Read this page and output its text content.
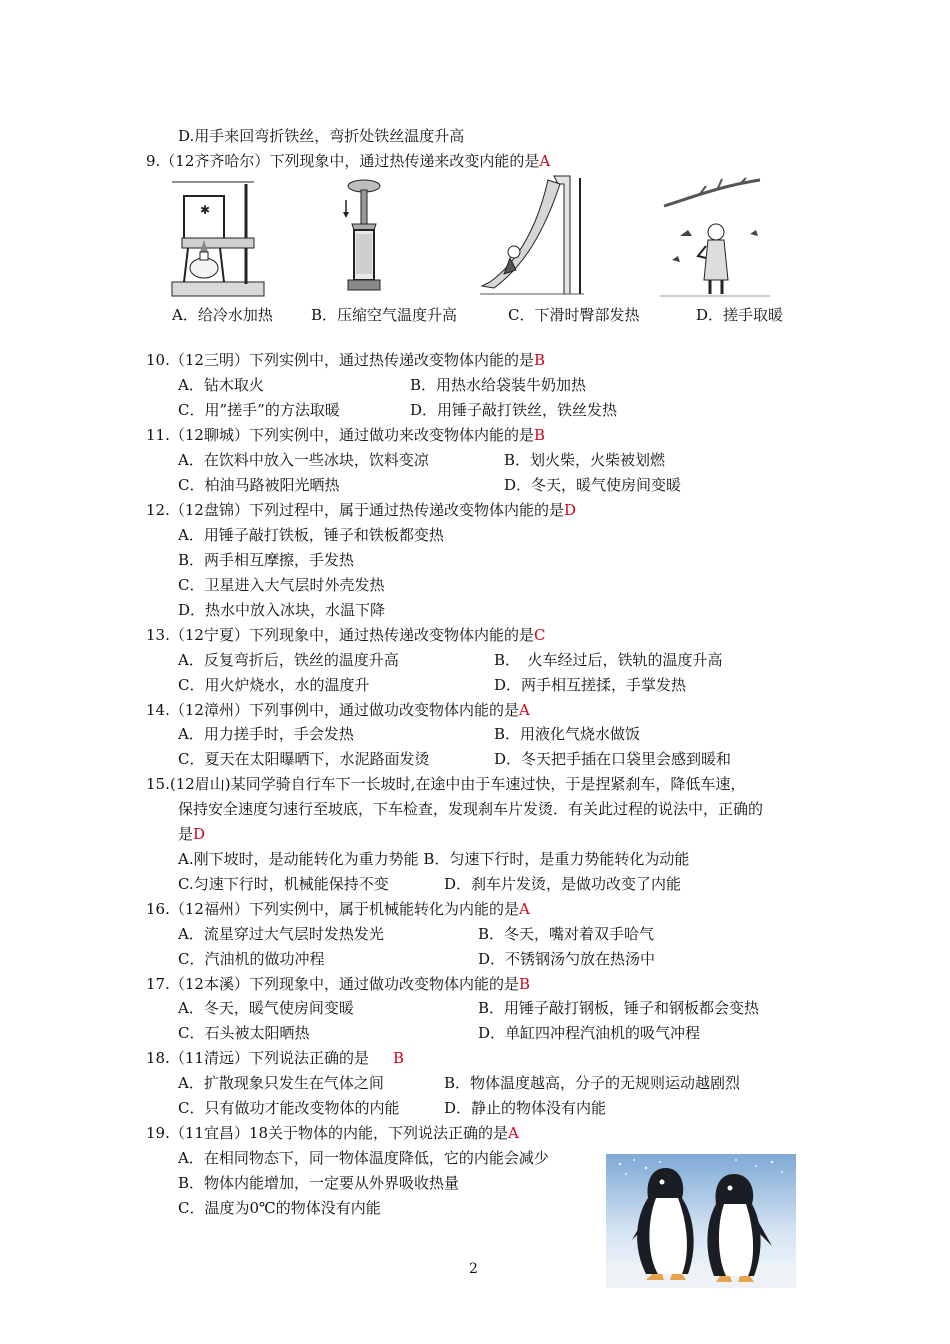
D.用手来回弯折铁丝，弯折处铁丝温度升高
9.（12齐齐哈尔）下列现象中，通过热传递来改变内能的是A
✱
A．给冷水加热	B．压缩空气温度升高	C．下滑时臀部发热	D．搓手取暖
10.（12三明）下列实例中，通过热传递改变物体内能的是B
A．钻木取火	B．用热水给袋装牛奶加热
C．用”搓手”的方法取暖	D．用锤子敲打铁丝，铁丝发热
11.（12聊城）下列实例中，通过做功来改变物体内能的是B
A．在饮料中放入一些冰块，饮料变凉	B．划火柴，火柴被划燃
C．柏油马路被阳光晒热	D．冬天，暖气使房间变暖
12.（12盘锦）下列过程中，属于通过热传递改变物体内能的是D
A．用锤子敲打铁板，锤子和铁板都变热
B．两手相互摩擦，手发热
C．卫星进入大气层时外壳发热
D．热水中放入冰块，水温下降
13.（12宁夏）下列现象中，通过热传递改变物体内能的是C
A．反复弯折后，铁丝的温度升高	B．　火车经过后，铁轨的温度升高
C．用火炉烧水，水的温度升	D．两手相互搓揉，手掌发热
14.（12漳州）下列事例中，通过做功改变物体内能的是A
A．用力搓手时，手会发热	B．用液化气烧水做饭
C．夏天在太阳曝晒下，水泥路面发烫	D．冬天把手插在口袋里会感到暖和
15.(12眉山)某同学骑自行车下一长坡时,在途中由于车速过快，于是捏紧刹车，降低车速，
保持安全速度匀速行至坡底，下车检查，发现刹车片发烫．有关此过程的说法中，正确的
是D
A.刚下坡时，是动能转化为重力势能 B．匀速下行时，是重力势能转化为动能
C.匀速下行时，机械能保持不变	D．刹车片发烫，是做功改变了内能
16.（12福州）下列实例中，属于机械能转化为内能的是A
A．流星穿过大气层时发热发光	B．冬天，嘴对着双手哈气
C．汽油机的做功冲程	D．不锈钢汤勺放在热汤中
17.（12本溪）下列现象中，通过做功改变物体内能的是B
A．冬天，暖气使房间变暖	B．用锤子敲打钢板，锤子和钢板都会变热
C．石头被太阳晒热	D．单缸四冲程汽油机的吸气冲程
18.（11清远）下列说法正确的是 B
A．扩散现象只发生在气体之间	B．物体温度越高，分子的无规则运动越剧烈
C．只有做功才能改变物体的内能	D．静止的物体没有内能
19.（11宜昌）18关于物体的内能，下列说法正确的是A
A．在相同物态下，同一物体温度降低，它的内能会减少
B．物体内能增加，一定要从外界吸收热量
C．温度为0℃的物体没有内能
2
